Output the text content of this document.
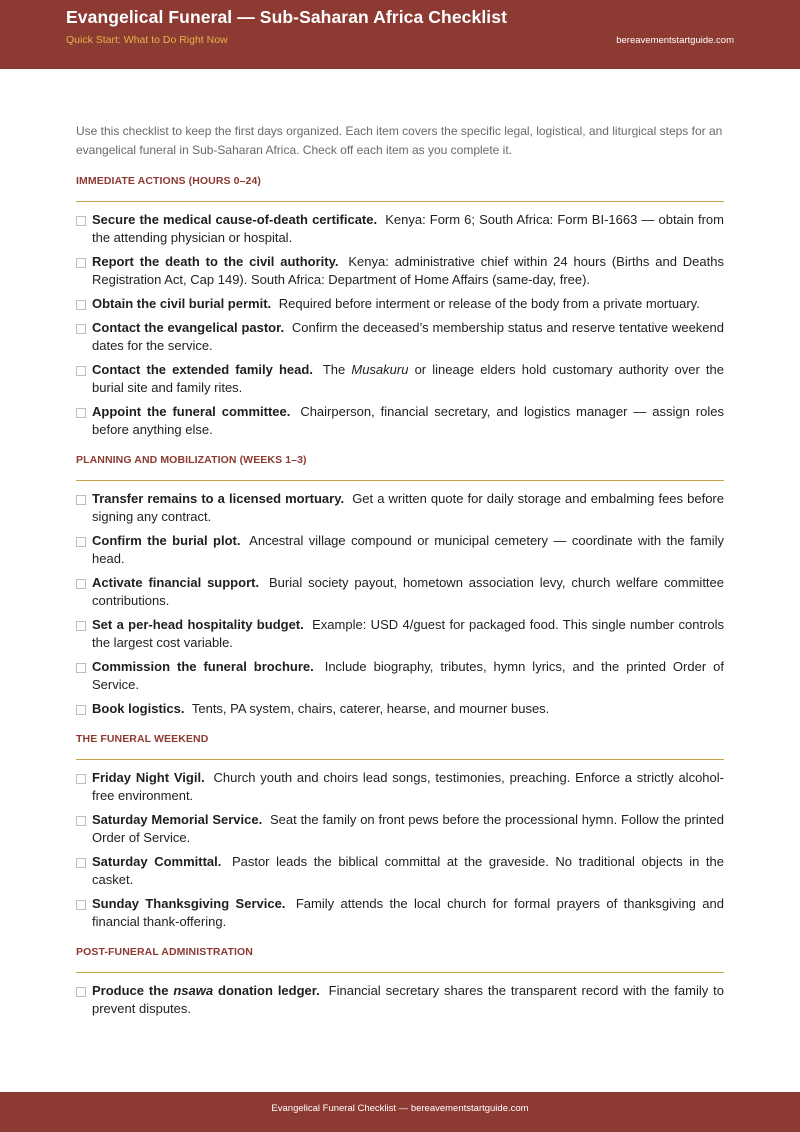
Evangelical Funeral — Sub-Saharan Africa Checklist
Quick Start: What to Do Right Now	bereavementstartguide.com

Use this checklist to keep the first days organized. Each item covers the specific legal, logistical, and liturgical steps for an evangelical funeral in Sub-Saharan Africa. Check off each item as you complete it.

IMMEDIATE ACTIONS (HOURS 0–24)
Secure the medical cause-of-death certificate. Kenya: Form 6; South Africa: Form BI-1663 — obtain from the attending physician or hospital.
Report the death to the civil authority. Kenya: administrative chief within 24 hours (Births and Deaths Registration Act, Cap 149). South Africa: Department of Home Affairs (same-day, free).
Obtain the civil burial permit. Required before interment or release of the body from a private mortuary.
Contact the evangelical pastor. Confirm the deceased’s membership status and reserve tentative weekend dates for the service.
Contact the extended family head. The Musakuru or lineage elders hold customary authority over the burial site and family rites.
Appoint the funeral committee. Chairperson, financial secretary, and logistics manager — assign roles before anything else.
PLANNING AND MOBILIZATION (WEEKS 1–3)
Transfer remains to a licensed mortuary. Get a written quote for daily storage and embalming fees before signing any contract.
Confirm the burial plot. Ancestral village compound or municipal cemetery — coordinate with the family head.
Activate financial support. Burial society payout, hometown association levy, church welfare committee contributions.
Set a per-head hospitality budget. Example: USD 4/guest for packaged food. This single number controls the largest cost variable.
Commission the funeral brochure. Include biography, tributes, hymn lyrics, and the printed Order of Service.
Book logistics. Tents, PA system, chairs, caterer, hearse, and mourner buses.
THE FUNERAL WEEKEND
Friday Night Vigil. Church youth and choirs lead songs, testimonies, preaching. Enforce a strictly alcohol-free environment.
Saturday Memorial Service. Seat the family on front pews before the processional hymn. Follow the printed Order of Service.
Saturday Committal. Pastor leads the biblical committal at the graveside. No traditional objects in the casket.
Sunday Thanksgiving Service. Family attends the local church for formal prayers of thanksgiving and financial thank-offering.
POST-FUNERAL ADMINISTRATION
Produce the nsawa donation ledger. Financial secretary shares the transparent record with the family to prevent disputes.
Evangelical Funeral Checklist — bereavementstartguide.com
